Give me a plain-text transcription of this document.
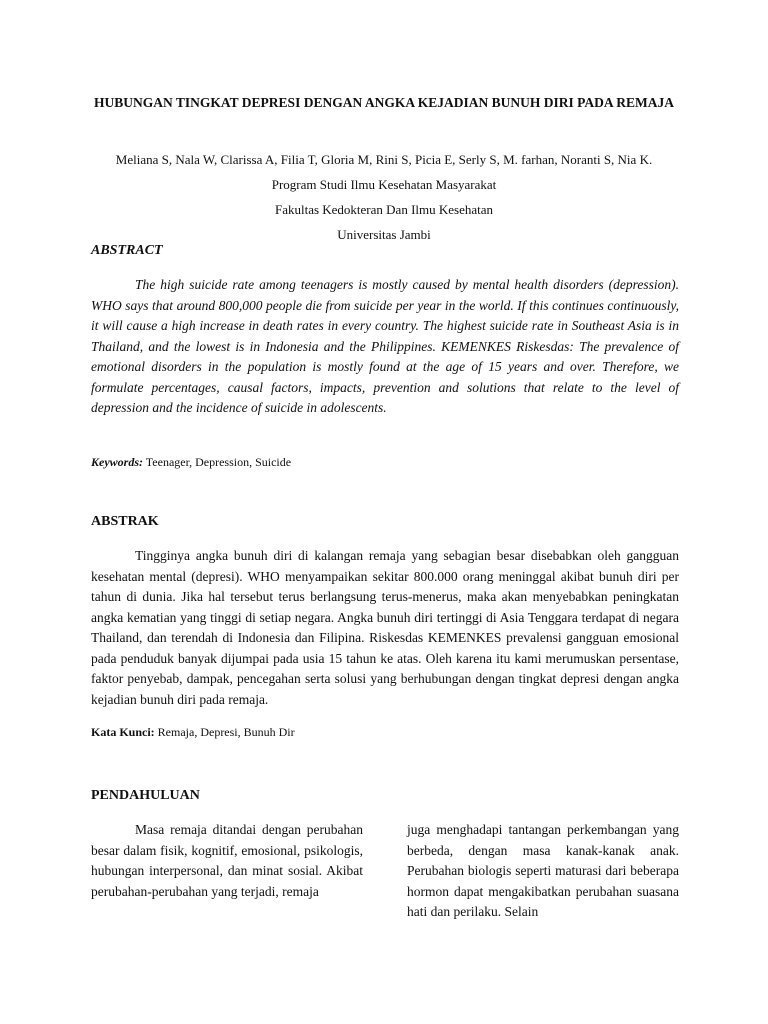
HUBUNGAN TINGKAT DEPRESI DENGAN ANGKA KEJADIAN BUNUH DIRI PADA REMAJA
Meliana S, Nala W, Clarissa A, Filia T, Gloria M, Rini S, Picia E, Serly S, M. farhan, Noranti S, Nia K.
Program Studi Ilmu Kesehatan Masyarakat
Fakultas Kedokteran Dan Ilmu Kesehatan
Universitas Jambi
ABSTRACT

The high suicide rate among teenagers is mostly caused by mental health disorders (depression). WHO says that around 800,000 people die from suicide per year in the world. If this continues continuously, it will cause a high increase in death rates in every country. The highest suicide rate in Southeast Asia is in Thailand, and the lowest is in Indonesia and the Philippines. KEMENKES Riskesdas: The prevalence of emotional disorders in the population is mostly found at the age of 15 years and over. Therefore, we formulate percentages, causal factors, impacts, prevention and solutions that relate to the level of depression and the incidence of suicide in adolescents.

Keywords: Teenager, Depression, Suicide
ABSTRAK

Tingginya angka bunuh diri di kalangan remaja yang sebagian besar disebabkan oleh gangguan kesehatan mental (depresi). WHO menyampaikan sekitar 800.000 orang meninggal akibat bunuh diri per tahun di dunia. Jika hal tersebut terus berlangsung terus-menerus, maka akan menyebabkan peningkatan angka kematian yang tinggi di setiap negara. Angka bunuh diri tertinggi di Asia Tenggara terdapat di negara Thailand, dan terendah di Indonesia dan Filipina. Riskesdas KEMENKES prevalensi gangguan emosional pada penduduk banyak dijumpai pada usia 15 tahun ke atas. Oleh karena itu kami merumuskan persentase, faktor penyebab, dampak, pencegahan serta solusi yang berhubungan dengan tingkat depresi dengan angka kejadian bunuh diri pada remaja.

Kata Kunci: Remaja, Depresi, Bunuh Dir
PENDAHULUAN

Masa remaja ditandai dengan perubahan besar dalam fisik, kognitif, emosional, psikologis, hubungan interpersonal, dan minat sosial. Akibat perubahan-perubahan yang terjadi, remaja

juga menghadapi tantangan perkembangan yang berbeda, dengan masa kanak-kanak anak. Perubahan biologis seperti maturasi dari beberapa hormon dapat mengakibatkan perubahan suasana hati dan perilaku. Selain
